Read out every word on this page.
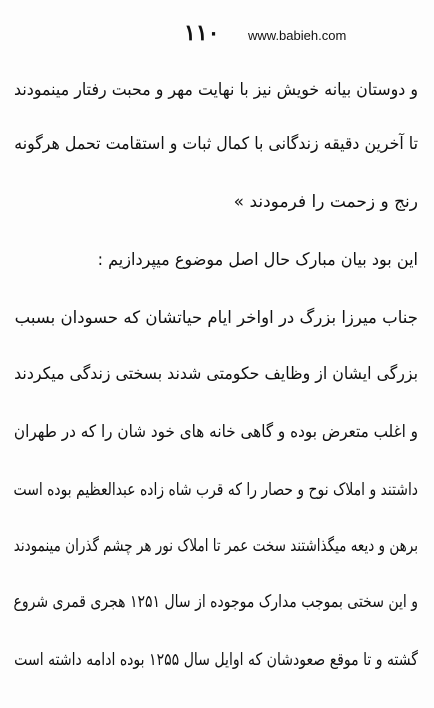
۱۱۰ www.babieh.com
و دوستان بیانه خویش نیز با نهایت مهر و محبت رفتار مینمودند
تا آخرین دقیقه زندگانی با کمال ثبات و استقامت تحمل هرگونه
رنج و زحمت را فرمودند »
این بود بیان مبارک حال اصل موضوع میپردازیم :
جناب میرزا بزرگ در اواخر ایام حیاتشان که حسودان بسبب
بزرگی ایشان از وظایف حکومتی شدند بسختی زندگی میکردند
و اغلب متعرض بوده و گاهی خانه های خود شان را که در طهران
داشتند و املاک نوح و حصار را که قرب شاه زاده عبدالعظیم بوده است
برهن و دیعه میگذاشتند سخت عمر تا املاک نور هر چشم گذران مینمودند
و این سختی بموجب مدارک موجوده از سال ۱۲۵۱ هجری قمری شروع
گشته و تا موقع صعودشان که اوایل سال ۱۲۵۵ بوده ادامه داشته است
